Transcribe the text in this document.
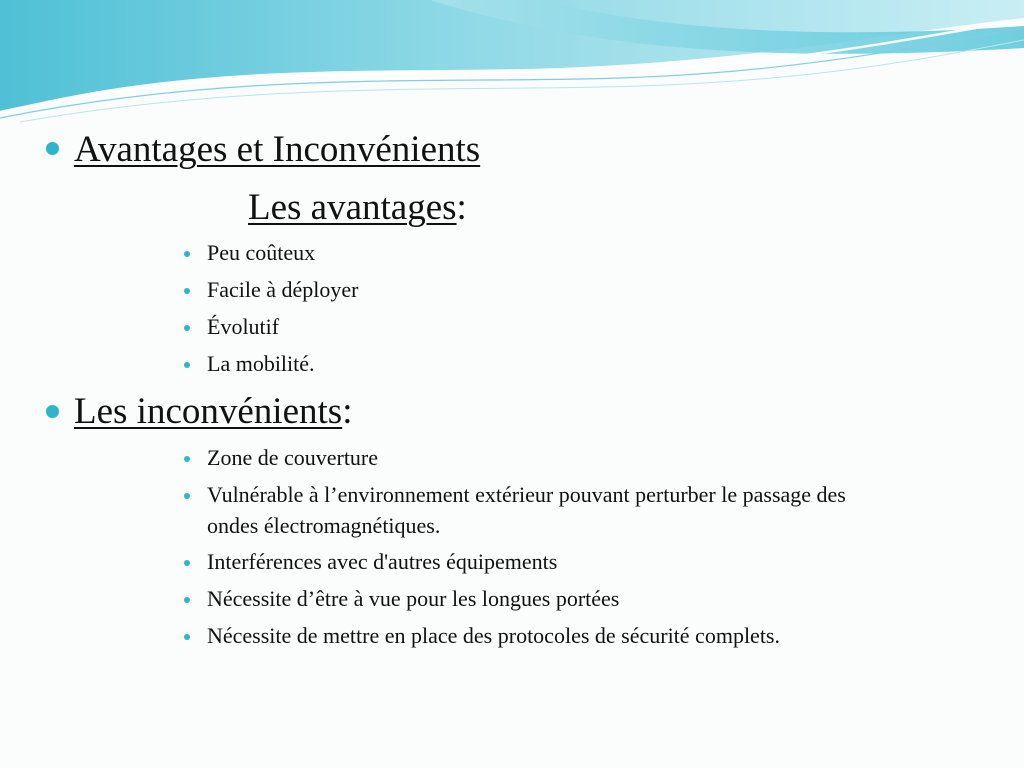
Avantages et Inconvénients
Les avantages:
Peu coûteux
Facile à déployer
Évolutif
La mobilité.
Les inconvénients:
Zone de couverture
Vulnérable à l’environnement extérieur pouvant perturber le passage des ondes électromagnétiques.
Interférences avec d'autres équipements
Nécessite d’être à vue pour les longues portées
Nécessite de mettre en place des protocoles de sécurité complets.
